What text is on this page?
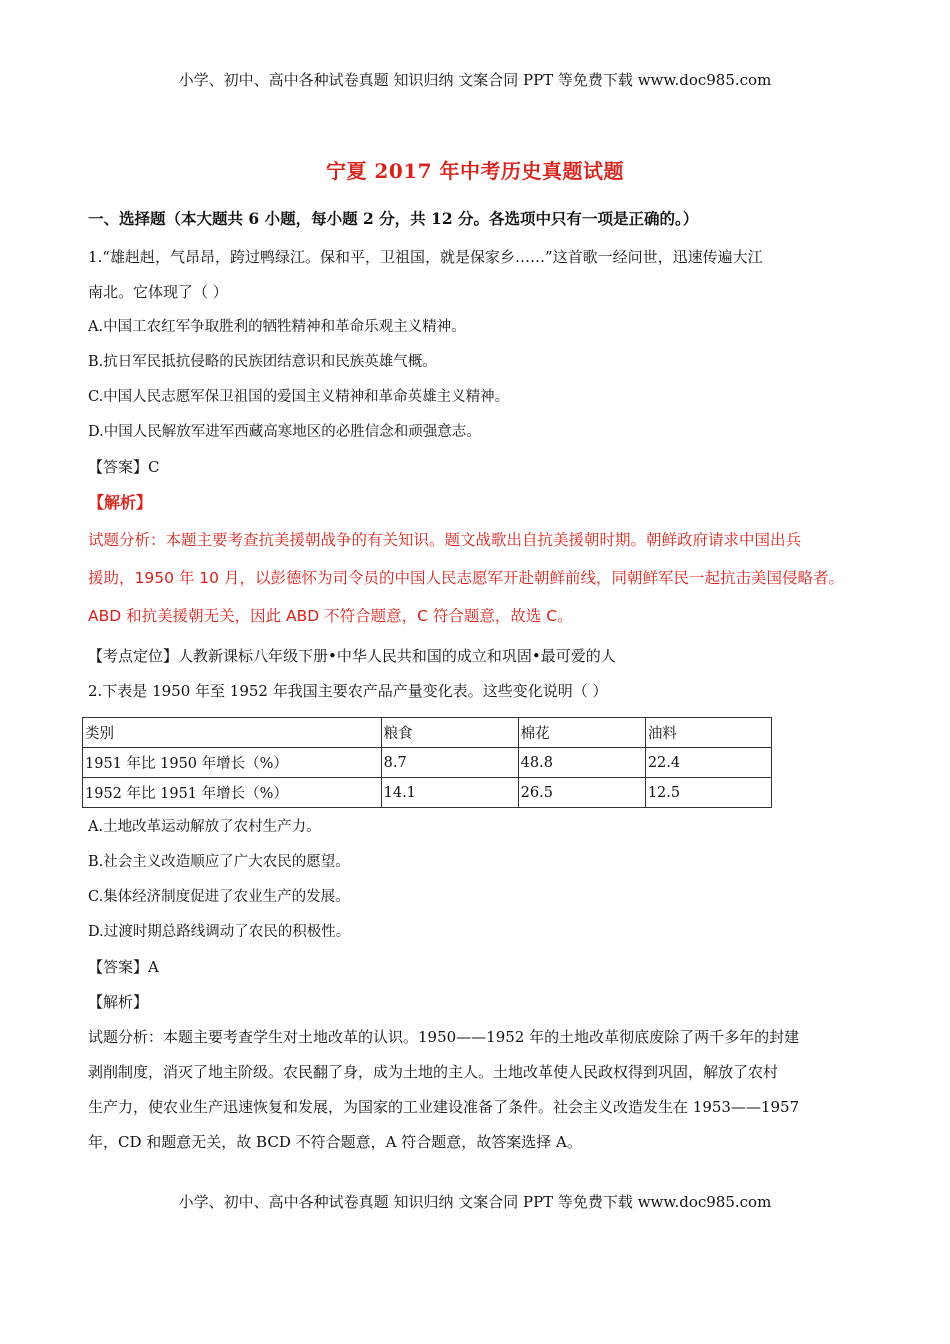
小学、初中、高中各种试卷真题 知识归纳 文案合同 PPT 等免费下载 www.doc985.com
宁夏 2017 年中考历史真题试题
一、选择题（本大题共 6 小题，每小题 2 分，共 12 分。各选项中只有一项是正确的。）

1.“雄赳赳，气昂昂，跨过鸭绿江。保和平，卫祖国，就是保家乡……”这首歌一经问世，迅速传遍大江

南北。它体现了（ ）

A.中国工农红军争取胜利的牺牲精神和革命乐观主义精神。

B.抗日军民抵抗侵略的民族团结意识和民族英雄气概。

C.中国人民志愿军保卫祖国的爱国主义精神和革命英雄主义精神。

D.中国人民解放军进军西藏高寒地区的必胜信念和顽强意志。

【答案】C

【解析】

试题分析：本题主要考查抗美援朝战争的有关知识。题文战歌出自抗美援朝时期。朝鲜政府请求中国出兵

援助，1950 年 10 月，以彭德怀为司令员的中国人民志愿军开赴朝鲜前线，同朝鲜军民一起抗击美国侵略者。

ABD 和抗美援朝无关，因此 ABD 不符合题意，C 符合题意，故选 C。

【考点定位】人教新课标八年级下册•中华人民共和国的成立和巩固•最可爱的人

2.下表是 1950 年至 1952 年我国主要农产品产量变化表。这些变化说明（ ）

类别	粮食	棉花	油料
1951 年比 1950 年增长（%）	8.7	48.8	22.4
1952 年比 1951 年增长（%）	14.1	26.5	12.5

A.土地改革运动解放了农村生产力。

B.社会主义改造顺应了广大农民的愿望。

C.集体经济制度促进了农业生产的发展。

D.过渡时期总路线调动了农民的积极性。

【答案】A

【解析】

试题分析：本题主要考查学生对土地改革的认识。1950——1952 年的土地改革彻底废除了两千多年的封建

剥削制度，消灭了地主阶级。农民翻了身，成为土地的主人。土地改革使人民政权得到巩固，解放了农村

生产力，使农业生产迅速恢复和发展，为国家的工业建设准备了条件。社会主义改造发生在 1953——1957

年，CD 和题意无关，故 BCD 不符合题意，A 符合题意，故答案选择 A。

小学、初中、高中各种试卷真题 知识归纳 文案合同 PPT 等免费下载 www.doc985.com
